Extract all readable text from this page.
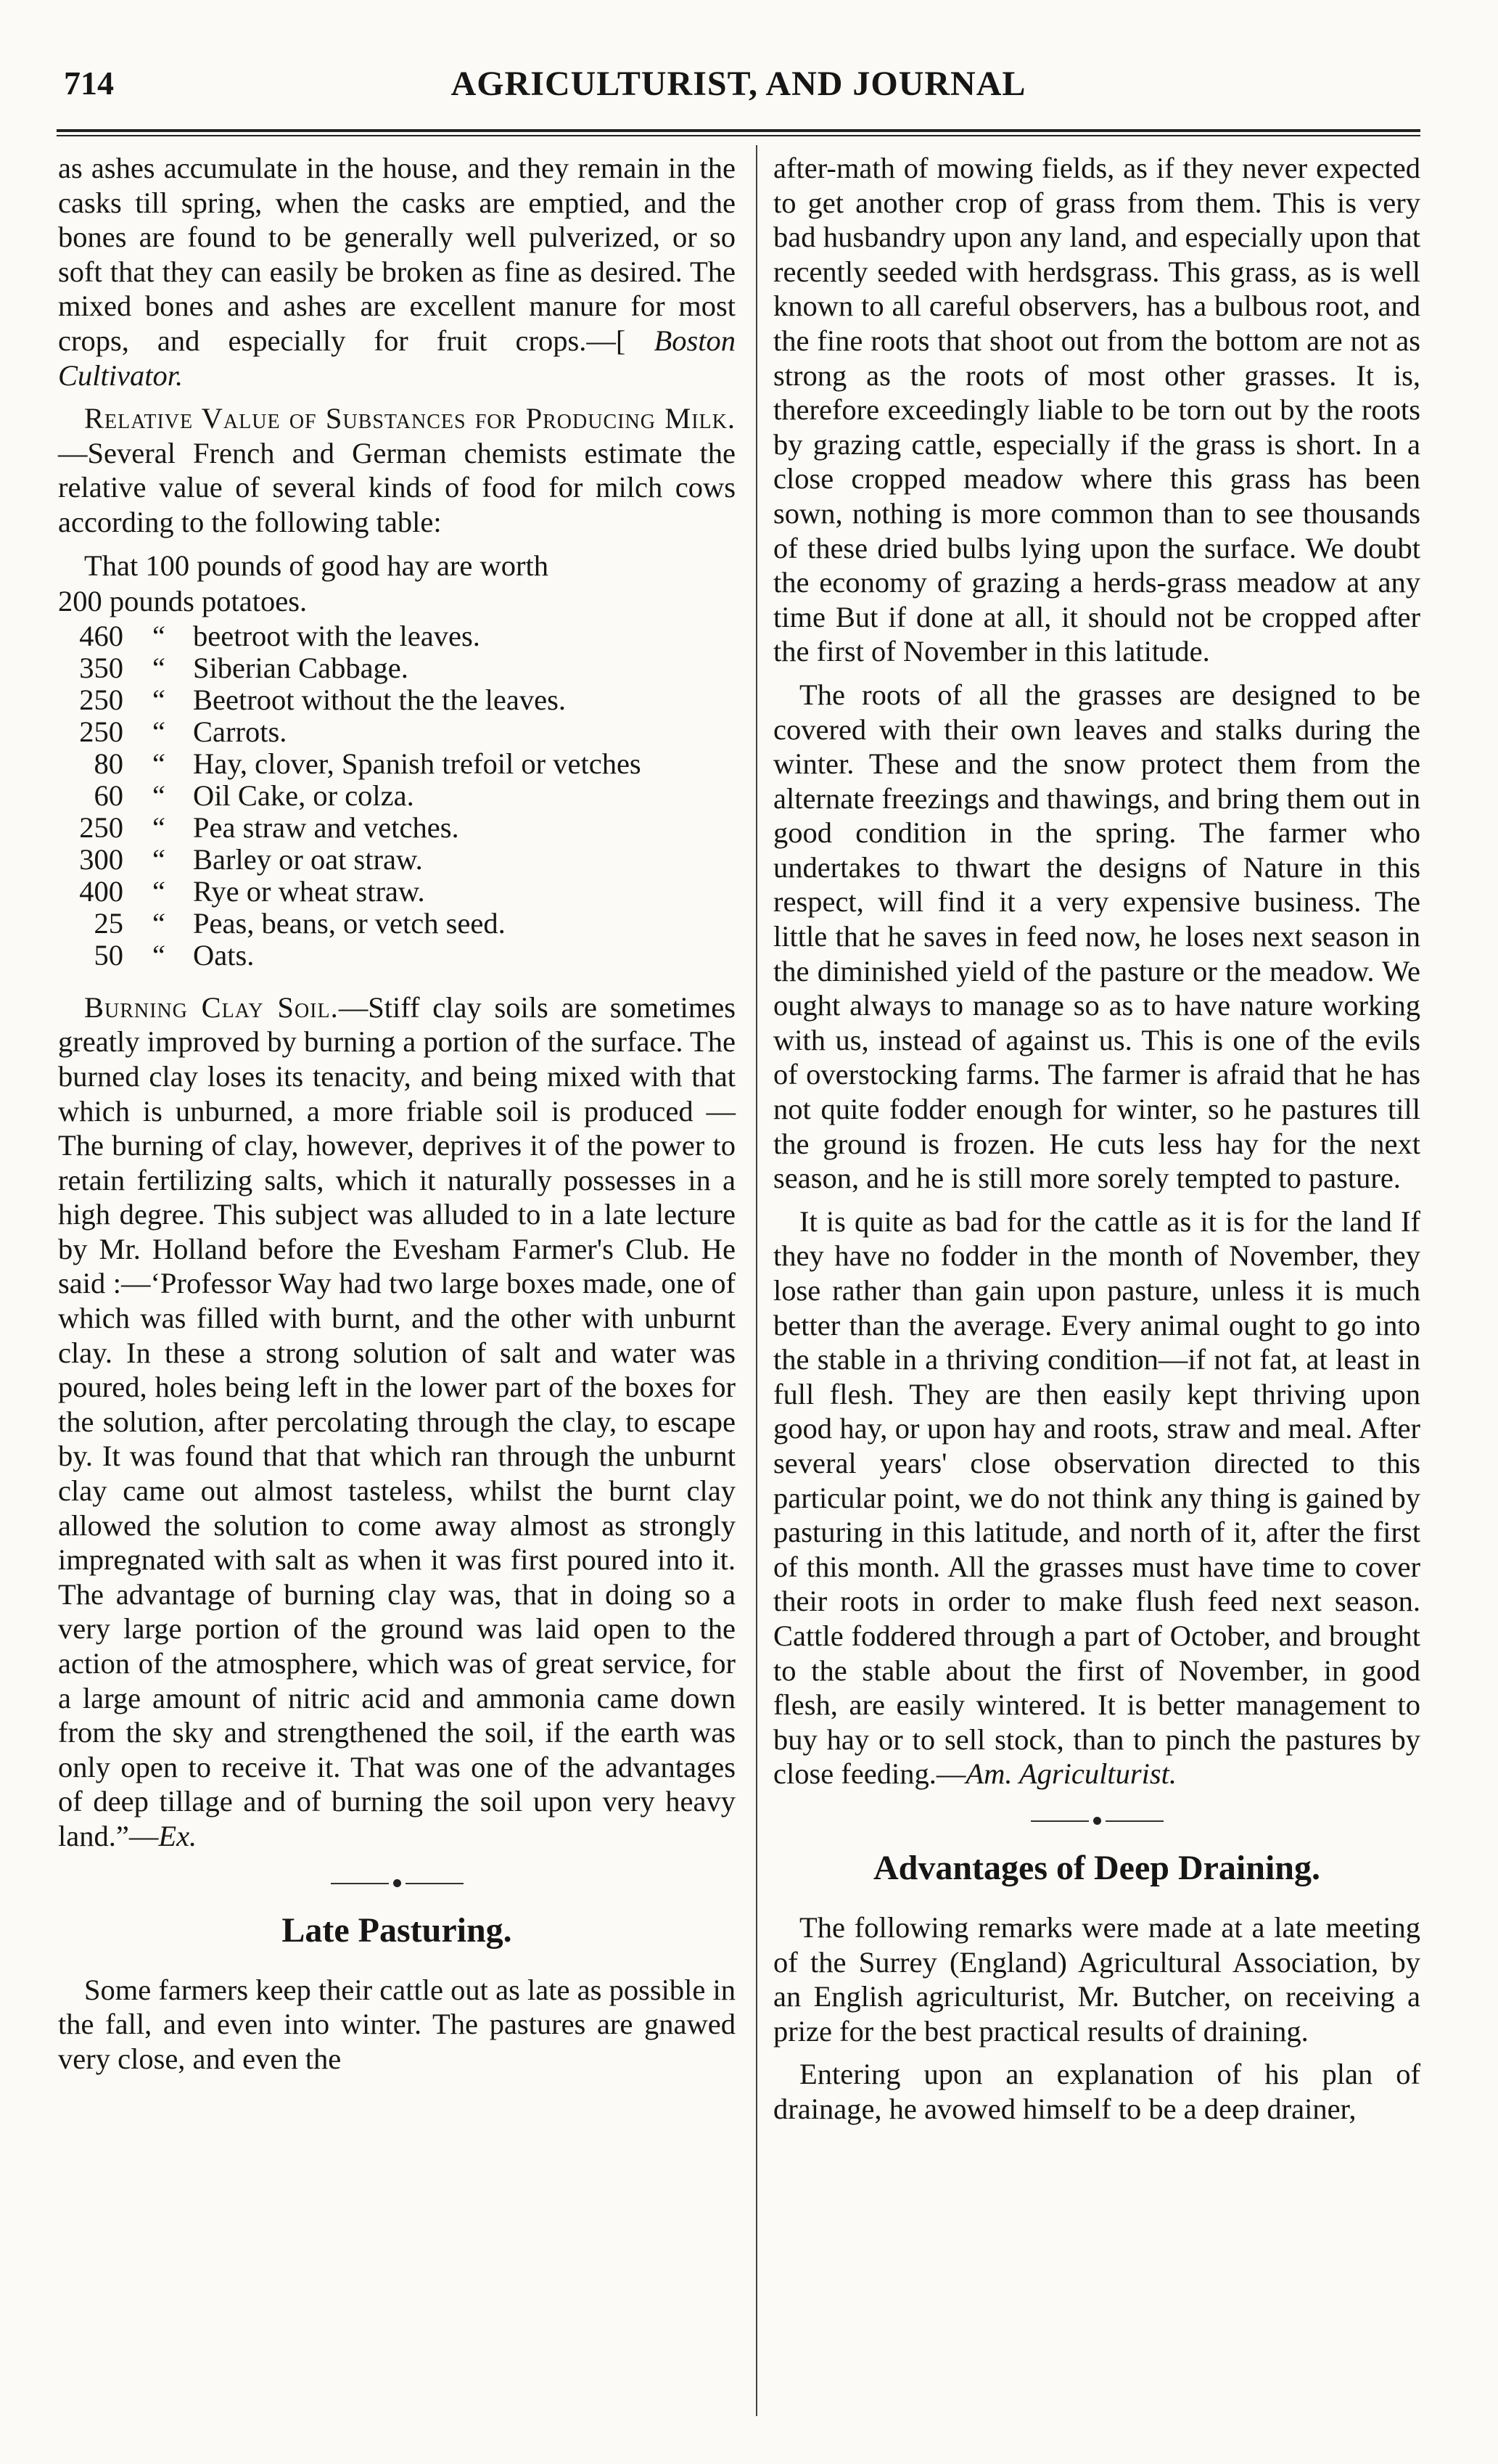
714	AGRICULTURIST, AND JOURNAL

as ashes accumulate in the house, and they remain in the casks till spring, when the casks are emptied, and the bones are found to be generally well pulverized, or so soft that they can easily be broken as fine as desired. The mixed bones and ashes are excellent manure for most crops, and especially for fruit crops.—[ Boston Cultivator.

Relative Value of Substances for Producing Milk.—Several French and German chemists estimate the relative value of several kinds of food for milch cows according to the following table:

That 100 pounds of good hay are worth

200 pounds potatoes.

460	“	beetroot with the leaves.
350	“	Siberian Cabbage.
250	“	Beetroot without the the leaves.
250	“	Carrots.
80	“	Hay, clover, Spanish trefoil or vetches
60	“	Oil Cake, or colza.
250	“	Pea straw and vetches.
300	“	Barley or oat straw.
400	“	Rye or wheat straw.
25	“	Peas, beans, or vetch seed.
50	“	Oats.

Burning Clay Soil.—Stiff clay soils are sometimes greatly improved by burning a portion of the surface. The burned clay loses its tenacity, and being mixed with that which is unburned, a more friable soil is produced — The burning of clay, however, deprives it of the power to retain fertilizing salts, which it naturally possesses in a high degree. This subject was alluded to in a late lecture by Mr. Holland before the Evesham Farmer's Club. He said :—‘Professor Way had two large boxes made, one of which was filled with burnt, and the other with unburnt clay. In these a strong solution of salt and water was poured, holes being left in the lower part of the boxes for the solution, after percolating through the clay, to escape by. It was found that that which ran through the unburnt clay came out almost tasteless, whilst the burnt clay allowed the solution to come away almost as strongly impregnated with salt as when it was first poured into it. The advantage of burning clay was, that in doing so a very large portion of the ground was laid open to the action of the atmosphere, which was of great service, for a large amount of nitric acid and ammonia came down from the sky and strengthened the soil, if the earth was only open to receive it. That was one of the advantages of deep tillage and of burning the soil upon very heavy land.”—Ex.

Late Pasturing.

Some farmers keep their cattle out as late as possible in the fall, and even into winter. The pastures are gnawed very close, and even the

after-math of mowing fields, as if they never expected to get another crop of grass from them. This is very bad husbandry upon any land, and especially upon that recently seeded with herdsgrass. This grass, as is well known to all careful observers, has a bulbous root, and the fine roots that shoot out from the bottom are not as strong as the roots of most other grasses. It is, therefore exceedingly liable to be torn out by the roots by grazing cattle, especially if the grass is short. In a close cropped meadow where this grass has been sown, nothing is more common than to see thousands of these dried bulbs lying upon the surface. We doubt the economy of grazing a herds-grass meadow at any time But if done at all, it should not be cropped after the first of November in this latitude.

The roots of all the grasses are designed to be covered with their own leaves and stalks during the winter. These and the snow protect them from the alternate freezings and thawings, and bring them out in good condition in the spring. The farmer who undertakes to thwart the designs of Nature in this respect, will find it a very expensive business. The little that he saves in feed now, he loses next season in the diminished yield of the pasture or the meadow. We ought always to manage so as to have nature working with us, instead of against us. This is one of the evils of overstocking farms. The farmer is afraid that he has not quite fodder enough for winter, so he pastures till the ground is frozen. He cuts less hay for the next season, and he is still more sorely tempted to pasture.

It is quite as bad for the cattle as it is for the land If they have no fodder in the month of November, they lose rather than gain upon pasture, unless it is much better than the average. Every animal ought to go into the stable in a thriving condition—if not fat, at least in full flesh. They are then easily kept thriving upon good hay, or upon hay and roots, straw and meal. After several years' close observation directed to this particular point, we do not think any thing is gained by pasturing in this latitude, and north of it, after the first of this month. All the grasses must have time to cover their roots in order to make flush feed next season. Cattle foddered through a part of October, and brought to the stable about the first of November, in good flesh, are easily wintered. It is better management to buy hay or to sell stock, than to pinch the pastures by close feeding.—Am. Agriculturist.

Advantages of Deep Draining.

The following remarks were made at a late meeting of the Surrey (England) Agricultural Association, by an English agriculturist, Mr. Butcher, on receiving a prize for the best practical results of draining.

Entering upon an explanation of his plan of drainage, he avowed himself to be a deep drainer,
